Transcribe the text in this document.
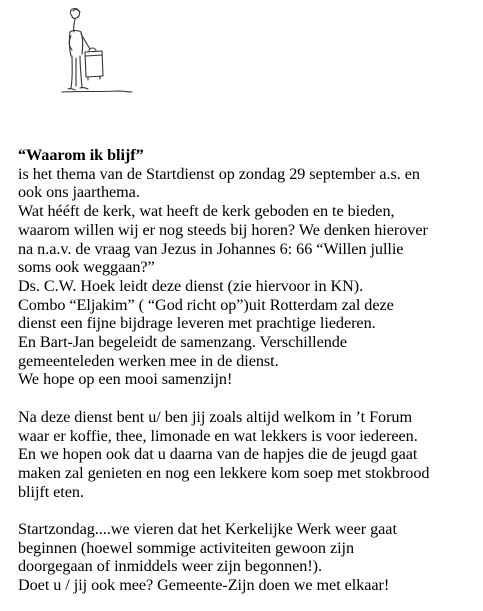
“Waarom ik blijf”
is het thema van de Startdienst op zondag 29 september a.s. en
ook ons jaarthema.
Wat hééft de kerk, wat heeft de kerk geboden en te bieden,
waarom willen wij er nog steeds bij horen? We denken hierover
na n.a.v. de vraag van Jezus in Johannes 6: 66 “Willen jullie
soms ook weggaan?”
Ds. C.W. Hoek leidt deze dienst (zie hiervoor in KN).
Combo “Eljakim” ( “God richt op”)uit Rotterdam zal deze
dienst een fijne bijdrage leveren met prachtige liederen.
En Bart-Jan begeleidt de samenzang. Verschillende
gemeenteleden werken mee in de dienst.
We hope op een mooi samenzijn!
Na deze dienst bent u/ ben jij zoals altijd welkom in ’t Forum
waar er koffie, thee, limonade en wat lekkers is voor iedereen.
En we hopen ook dat u daarna van de hapjes die de jeugd gaat
maken zal genieten en nog een lekkere kom soep met stokbrood
blijft eten.
Startzondag....we vieren dat het Kerkelijke Werk weer gaat
beginnen (hoewel sommige activiteiten gewoon zijn
doorgegaan of inmiddels weer zijn begonnen!).
Doet u / jij ook mee? Gemeente-Zijn doen we met elkaar!
